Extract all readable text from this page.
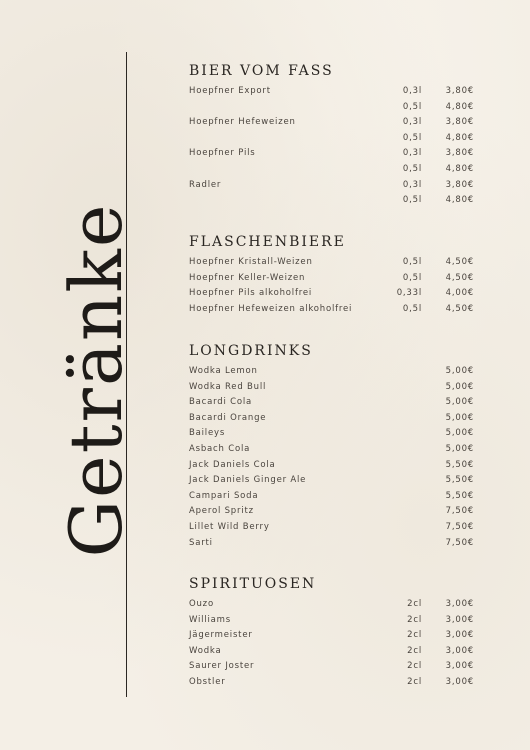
Getränke
BIER VOM FASS
Hoepfner Export	0,3l	3,80€
0,5l	4,80€
Hoepfner Hefeweizen	0,3l	3,80€
0,5l	4,80€
Hoepfner Pils	0,3l	3,80€
0,5l	4,80€
Radler	0,3l	3,80€
0,5l	4,80€
FLASCHENBIERE
Hoepfner Kristall-Weizen	0,5l	4,50€
Hoepfner Keller-Weizen	0,5l	4,50€
Hoepfner Pils alkoholfrei	0,33l	4,00€
Hoepfner Hefeweizen alkoholfrei	0,5l	4,50€
LONGDRINKS
Wodka Lemon	5,00€
Wodka Red Bull	5,00€
Bacardi Cola	5,00€
Bacardi Orange	5,00€
Baileys	5,00€
Asbach Cola	5,00€
Jack Daniels Cola	5,50€
Jack Daniels Ginger Ale	5,50€
Campari Soda	5,50€
Aperol Spritz	7,50€
Lillet Wild Berry	7,50€
Sarti	7,50€
SPIRITUOSEN
Ouzo	2cl	3,00€
Williams	2cl	3,00€
Jägermeister	2cl	3,00€
Wodka	2cl	3,00€
Saurer Joster	2cl	3,00€
Obstler	2cl	3,00€
